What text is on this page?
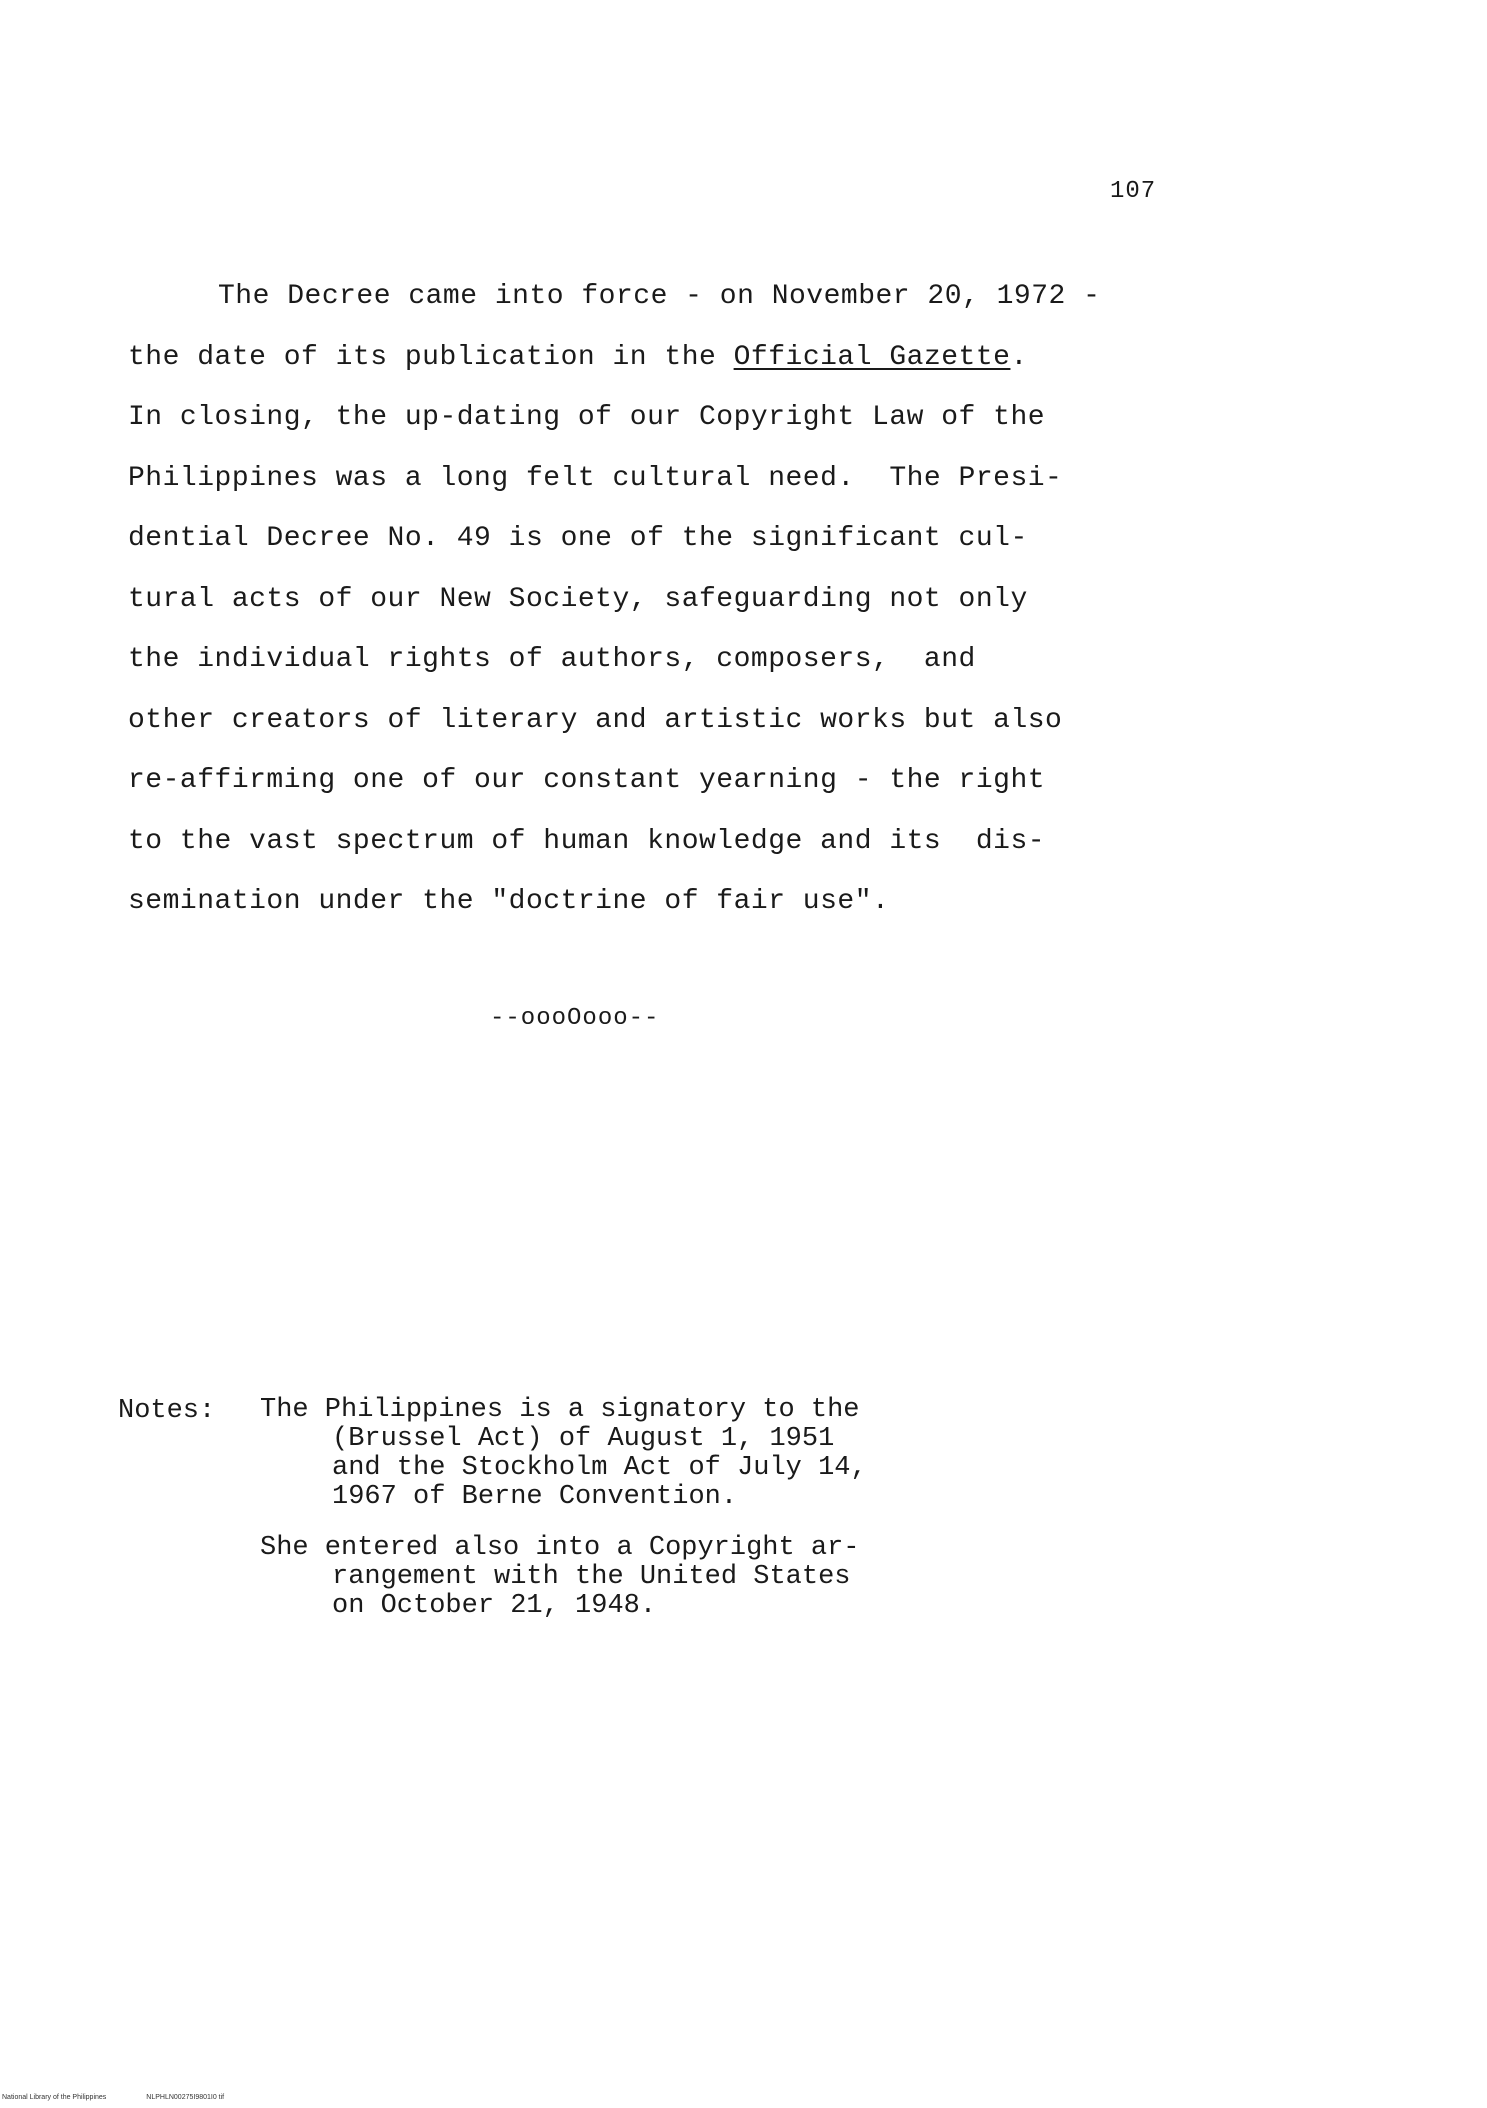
107
The Decree came into force - on November 20, 1972 -
the date of its publication in the Official Gazette.
In closing, the up-dating of our Copyright Law of the
Philippines was a long felt cultural need.  The Presi-
dential Decree No. 49 is one of the significant cul-
tural acts of our New Society, safeguarding not only
the individual rights of authors, composers,  and
other creators of literary and artistic works but also
re-affirming one of our constant yearning - the right
to the vast spectrum of human knowledge and its  dis-
semination under the "doctrine of fair use".
--oooOooo--
Notes: The Philippines is a signatory to the
(Brussel Act) of August 1, 1951
and the Stockholm Act of July 14,
1967 of Berne Convention.
She entered also into a Copyright ar-
rangement with the United States
on October 21, 1948.
National Library of the Philippines	NLPHLN00275I9801I0 tif
